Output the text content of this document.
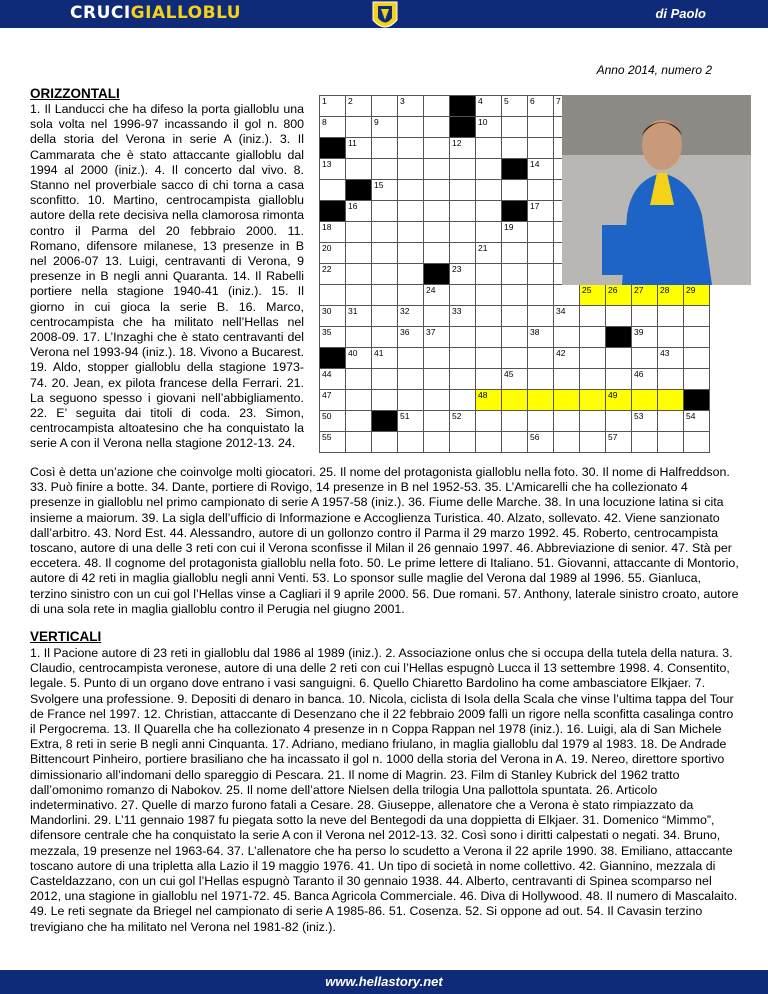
CRUCIGIALLOBLU	di Paolo
Anno 2014, numero 2
ORIZZONTALI
1. Il Landucci che ha difeso la porta gialloblu una sola volta nel 1996-97 incassando il gol n. 800 della storia del Verona in serie A (iniz.). 3. Il Cammarata che è stato attaccante gialloblu dal 1994 al 2000 (iniz.). 4. Il concerto dal vivo. 8. Stanno nel proverbiale sacco di chi torna a casa sconfitto. 10. Martino, centrocampista gialloblu autore della rete decisiva nella clamorosa rimonta contro il Parma del 20 febbraio 2000. 11. Romano, difensore milanese, 13 presenze in B nel 2006-07 13. Luigi, centravanti di Verona, 9 presenze in B negli anni Quaranta. 14. Il Rabelli portiere nella stagione 1940-41 (iniz.). 15. Il giorno in cui gioca la serie B. 16. Marco, centrocampista che ha militato nell’Hellas nel 2008-09. 17. L’Inzaghi che è stato centravanti del Verona nel 1993-94 (iniz.). 18. Vivono a Bucarest. 19. Aldo, stopper gialloblu della stagione 1973-74. 20. Jean, ex pilota francese della Ferrari. 21. La seguono spesso i giovani nell’abbigliamento. 22. E’ seguita dai titoli di coda. 23. Simon, centrocampista altoatesino che ha conquistato la serie A con il Verona nella stagione 2012-13. 24.
1	2		3			4	5	6	7					

8		9				10								

	11				12									

13								14						

		15												

	16							17						

18							19							

20						21								

22					23									

				24						25	26	27	28	29

30	31		32		33				34					

35			36	37				38				39		

	40	41							42				43	

44							45					46		

47						48					49			

50			51		52							53		54

55								56			57			

Così è detta un’azione che coinvolge molti giocatori. 25. Il nome del protagonista gialloblu nella foto. 30. Il nome di Halfreddson. 33. Può finire a botte. 34. Dante, portiere di Rovigo, 14 presenze in B nel 1952-53. 35. L’Amicarelli che ha collezionato 4 presenze in gialloblu nel primo campionato di serie A 1957-58 (iniz.). 36. Fiume delle Marche. 38. In una locuzione latina si cita insieme a maiorum. 39. La sigla dell’ufficio di Informazione e Accoglienza Turistica. 40. Alzato, sollevato. 42. Viene sanzionato dall’arbitro. 43. Nord Est. 44. Alessandro, autore di un gollonzo contro il Parma il 29 marzo 1992. 45. Roberto, centrocampista toscano, autore di una delle 3 reti con cui il Verona sconfisse il Milan il 26 gennaio 1997. 46. Abbreviazione di senior. 47. Stà per eccetera. 48. Il cognome del protagonista gialloblu nella foto. 50. Le prime lettere di Italiano. 51. Giovanni, attaccante di Montorio, autore di 42 reti in maglia gialloblu negli anni Venti. 53. Lo sponsor sulle maglie del Verona dal 1989 al 1996. 55. Gianluca, terzino sinistro con un cui gol l’Hellas vinse a Cagliari il 9 aprile 2000. 56. Due romani. 57. Anthony, laterale sinistro croato, autore di una sola rete in maglia gialloblu contro il Perugia nel giugno 2001.
VERTICALI
1. Il Pacione autore di 23 reti in gialloblu dal 1986 al 1989 (iniz.). 2. Associazione onlus che si occupa della tutela della natura. 3. Claudio, centrocampista veronese, autore di una delle 2 reti con cui l’Hellas espugnò Lucca il 13 settembre 1998. 4. Consentito, legale. 5. Punto di un organo dove entrano i vasi sanguigni. 6. Quello Chiaretto Bardolino ha come ambasciatore Elkjaer. 7. Svolgere una professione. 9. Depositi di denaro in banca. 10. Nicola, ciclista di Isola della Scala che vinse l’ultima tappa del Tour de France nel 1997. 12. Christian, attaccante di Desenzano che il 22 febbraio 2009 fallì un rigore nella sconfitta casalinga contro il Pergocrema. 13. Il Quarella che ha collezionato 4 presenze in n Coppa Rappan nel 1978 (iniz.). 16. Luigi, ala di San Michele Extra, 8 reti in serie B negli anni Cinquanta. 17. Adriano, mediano friulano, in maglia gialloblu dal 1979 al 1983. 18. De Andrade Bittencourt Pinheiro, portiere brasiliano che ha incassato il gol n. 1000 della storia del Verona in A. 19. Nereo, direttore sportivo dimissionario all’indomani dello spareggio di Pescara. 21. Il nome di Magrin. 23. Film di Stanley Kubrick del 1962 tratto dall’omonimo romanzo di Nabokov. 25. Il nome dell’attore Nielsen della trilogia Una pallottola spuntata. 26. Articolo indeterminativo. 27. Quelle di marzo furono fatali a Cesare. 28. Giuseppe, allenatore che a Verona è stato rimpiazzato da Mandorlini. 29. L’11 gennaio 1987 fu piegata sotto la neve del Bentegodi da una doppietta di Elkjaer. 31. Domenico “Mimmo”, difensore centrale che ha conquistato la serie A con il Verona nel 2012-13. 32. Così sono i diritti calpestati o negati. 34. Bruno, mezzala, 19 presenze nel 1963-64. 37. L’allenatore che ha perso lo scudetto a Verona il 22 aprile 1990. 38. Emiliano, attaccante toscano autore di una tripletta alla Lazio il 19 maggio 1976. 41. Un tipo di società in nome collettivo. 42. Giannino, mezzala di Casteldazzano, con un cui gol l’Hellas espugnò Taranto il 30 gennaio 1938. 44. Alberto, centravanti di Spinea scomparso nel 2012, una stagione in gialloblu nel 1971-72. 45. Banca Agricola Commerciale. 46. Diva di Hollywood. 48. Il numero di Mascalaito. 49. Le reti segnate da Briegel nel campionato di serie A 1985-86. 51. Cosenza. 52. Si oppone ad out. 54. Il Cavasin terzino trevigiano che ha militato nel Verona nel 1981-82 (iniz.).
www.hellastory.net
